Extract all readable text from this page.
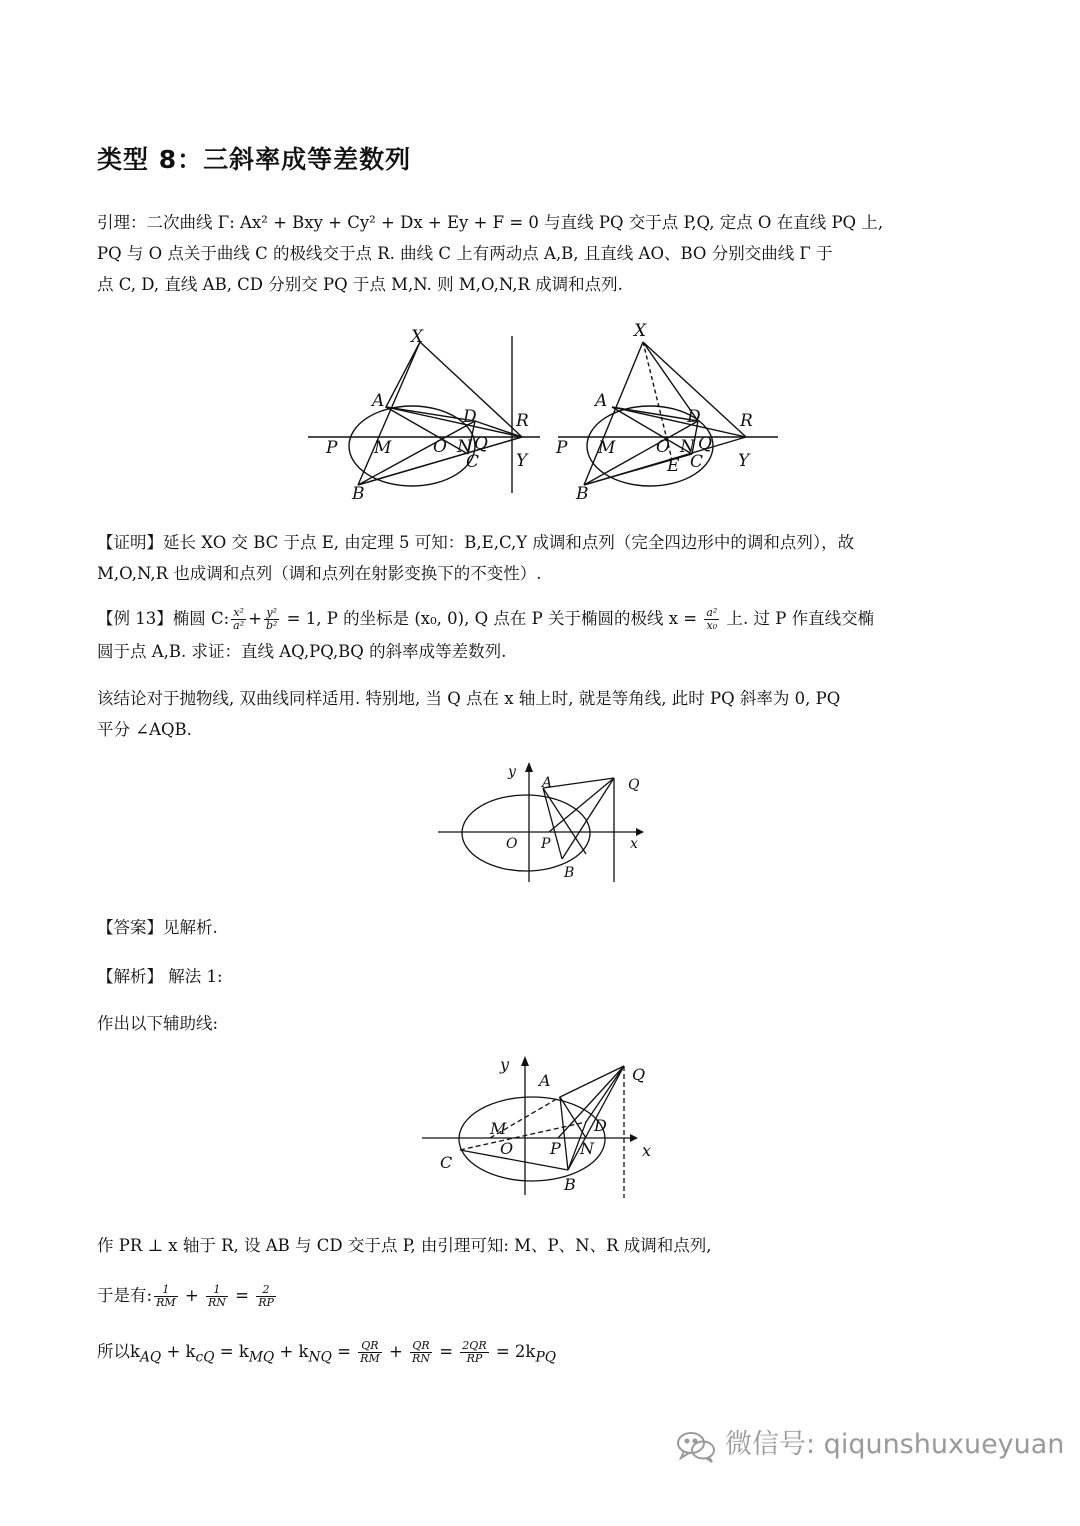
类型 8：三斜率成等差数列
引理：二次曲线 Γ: Ax² + Bxy + Cy² + Dx + Ey + F = 0 与直线 PQ 交于点 P,Q, 定点 O 在直线 PQ 上,
PQ 与 O 点关于曲线 C 的极线交于点 R. 曲线 C 上有两动点 A,B, 且直线 AO、BO 分别交曲线 Γ 于
点 C, D, 直线 AB, CD 分别交 PQ 于点 M,N. 则 M,O,N,R 成调和点列.
X
A
D R
P M O N Q
C Y
B
X
A
D R
P M O N Q
E C Y
B
【证明】延长 XO 交 BC 于点 E, 由定理 5 可知：B,E,C,Y 成调和点列（完全四边形中的调和点列），故
M,O,N,R 也成调和点列（调和点列在射影变换下的不变性）.
【例 13】椭圆 C: $\frac{\text{x²}}{\text{a²}} + \frac{\text{y²}}{\text{b²}} = 1$, P 的坐标是 (x₀, 0), Q 点在 P 关于椭圆的极线 $x = \frac{\text{a²}}{\text{x₀}}$ 上. 过 P 作直线交椭
圆于点 A,B. 求证：直线 AQ,PQ,BQ 的斜率成等差数列.
该结论对于抛物线, 双曲线同样适用. 特别地, 当 Q 点在 x 轴上时, 就是等角线, 此时 PQ 斜率为 0, PQ
平分 ∠AQB.
y
A	Q
O P	x
B
【答案】见解析.
【解析】 解法 1:
作出以下辅助线:
y
A	Q
M
O P
D
N	x
C
B
作 PR ⊥ x 轴于 R, 设 AB 与 CD 交于点 P, 由引理可知: M、P、N、R 成调和点列,
于是有: $\frac{1}{RM} + \frac{1}{RN} = \frac{2}{RP}$
所以$k_{AQ} + k_{cQ} = k_{MQ} + k_{NQ} = \frac{QR}{RM} + \frac{QR}{RN} = \frac{2QR}{RP} = 2k_{PQ}$
微信号: qiqunshuxueyuan
